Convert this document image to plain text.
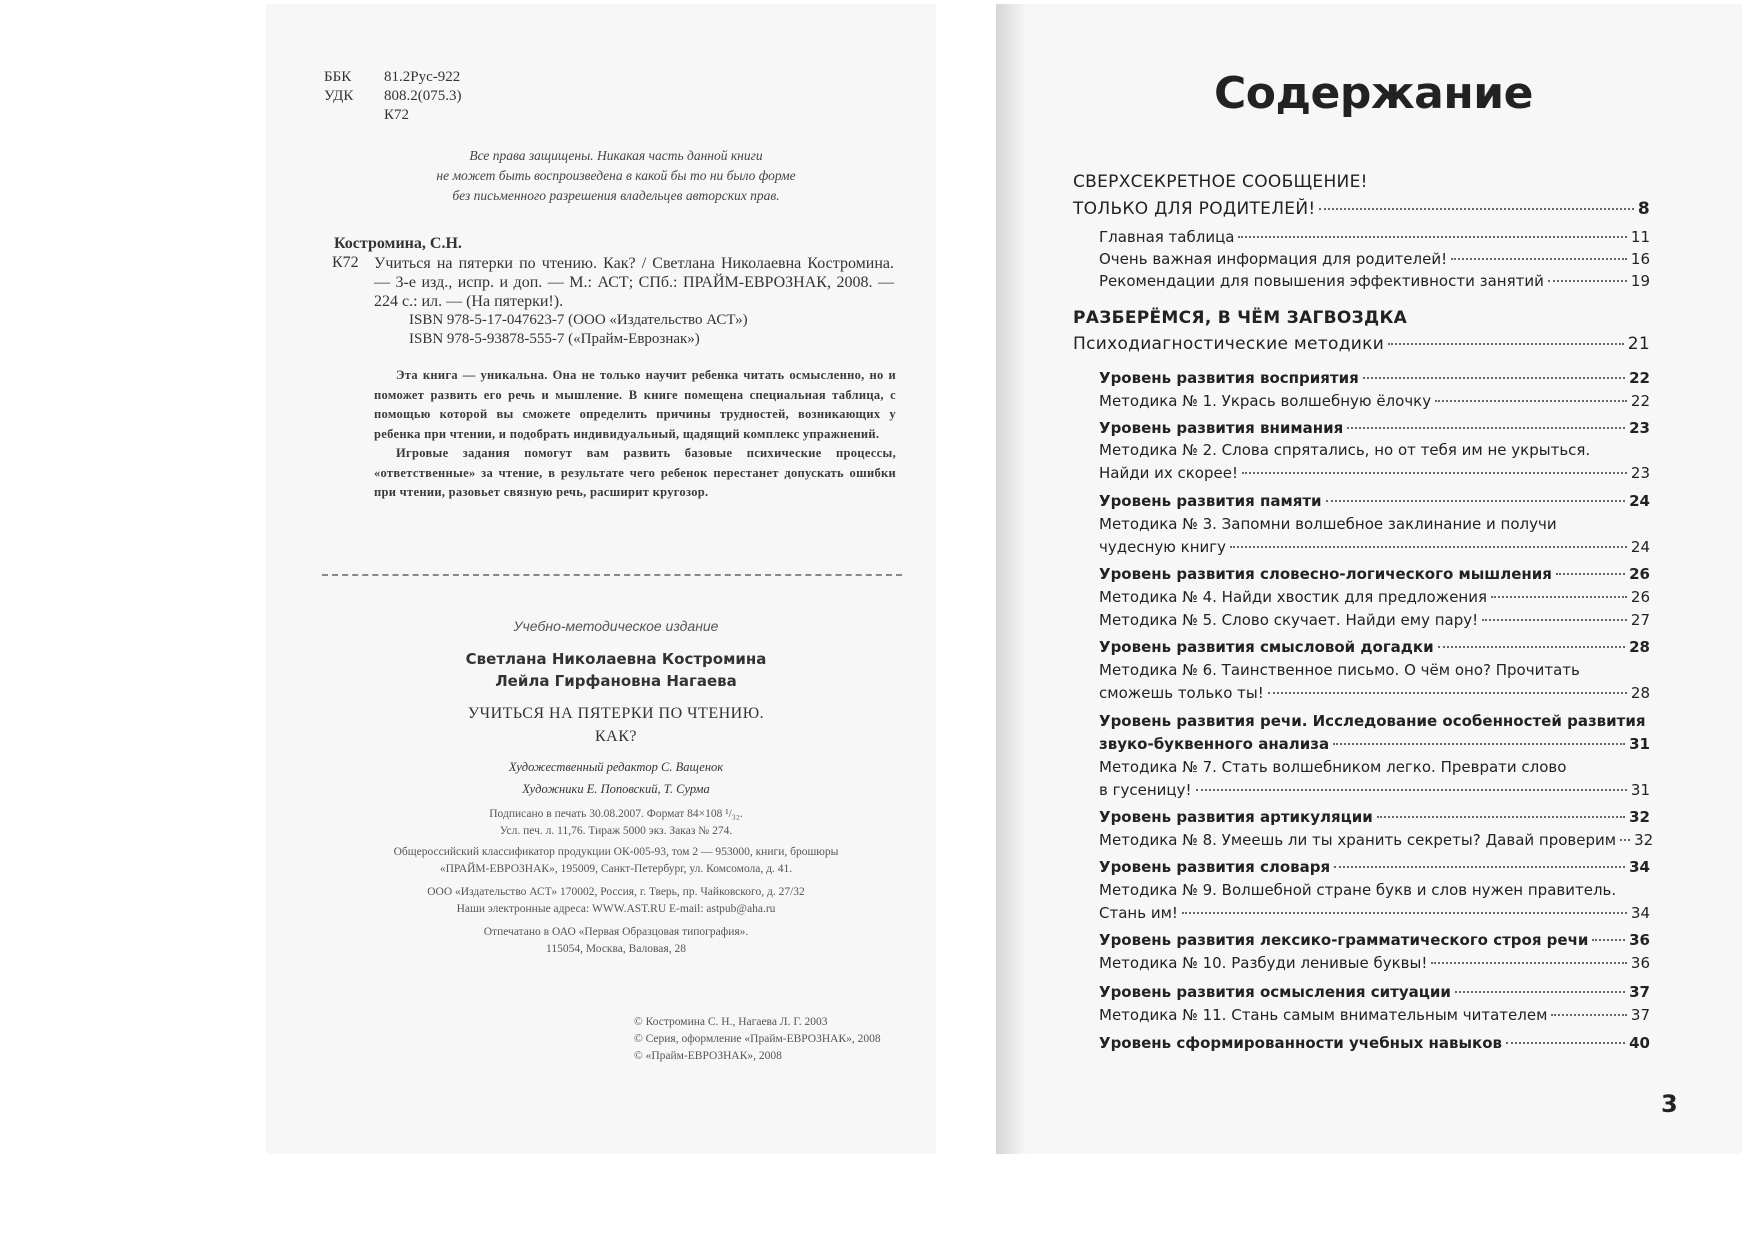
ББК	81.2Рус-922
УДК	808.2(075.3)
К72
Все права защищены. Никакая часть данной книги
не может быть воспроизведена в какой бы то ни было форме
без письменного разрешения владельцев авторских прав.
Костромина, С.Н.
К72 Учиться на пятерки по чтению. Как? / Светлана Николаевна Костромина. — 3-е изд., испр. и доп. — М.: АСТ; СПб.: ПРАЙМ-ЕВРОЗНАК, 2008. — 224 с.: ил. — (На пятерки!).
ISBN 978-5-17-047623-7 (ООО «Издательство АСТ»)
ISBN 978-5-93878-555-7 («Прайм-Еврознак»)

Эта книга — уникальна. Она не только научит ребенка читать осмысленно, но и поможет развить его речь и мышление. В книге помещена специальная таблица, с помощью которой вы сможете определить причины трудностей, возникающих у ребенка при чтении, и подобрать индивидуальный, щадящий комплекс упражнений.

Игровые задания помогут вам развить базовые психические процессы, «ответственные» за чтение, в результате чего ребенок перестанет допускать ошибки при чтении, разовьет связную речь, расширит кругозор.

Учебно-методическое издание
Светлана Николаевна Костромина
Лейла Гирфановна Нагаева
УЧИТЬСЯ НА ПЯТЕРКИ ПО ЧТЕНИЮ.
КАК?
Художественный редактор С. Ващенок
Художники Е. Поповский, Т. Сурма
Подписано в печать 30.08.2007. Формат 84×108 ¹/₃₂.
Усл. печ. л. 11,76. Тираж 5000 экз. Заказ № 274.
Общероссийский классификатор продукции ОК-005-93, том 2 — 953000, книги, брошюры
«ПРАЙМ-ЕВРОЗНАК», 195009, Санкт-Петербург, ул. Комсомола, д. 41.
ООО «Издательство АСТ» 170002, Россия, г. Тверь, пр. Чайковского, д. 27/32
Наши электронные адреса: WWW.AST.RU E-mail: astpub@aha.ru
Отпечатано в ОАО «Первая Образцовая типография».
115054, Москва, Валовая, 28
© Костромина С. Н., Нагаева Л. Г. 2003
© Серия, оформление «Прайм-ЕВРОЗНАК», 2008
© «Прайм-ЕВРОЗНАК», 2008
Содержание
СВЕРХСЕКРЕТНОЕ СООБЩЕНИЕ!
ТОЛЬКО ДЛЯ РОДИТЕЛЕЙ!	8
Главная таблица	11
Очень важная информация для родителей!	16
Рекомендации для повышения эффективности занятий	19
РАЗБЕРЁМСЯ, В ЧЁМ ЗАГВОЗДКА
Психодиагностические методики	21
Уровень развития восприятия	22
Методика № 1. Укрась волшебную ёлочку	22
Уровень развития внимания	23
Методика № 2. Слова спрятались, но от тебя им не укрыться.
Найди их скорее!	23
Уровень развития памяти	24
Методика № 3. Запомни волшебное заклинание и получи
чудесную книгу	24
Уровень развития словесно-логического мышления	26
Методика № 4. Найди хвостик для предложения	26
Методика № 5. Слово скучает. Найди ему пару!	27
Уровень развития смысловой догадки	28
Методика № 6. Таинственное письмо. О чём оно? Прочитать
сможешь только ты!	28
Уровень развития речи. Исследование особенностей развития
звуко-буквенного анализа	31
Методика № 7. Стать волшебником легко. Преврати слово
в гусеницу!	31
Уровень развития артикуляции	32
Методика № 8. Умеешь ли ты хранить секреты? Давай проверим 32
Уровень развития словаря	34
Методика № 9. Волшебной стране букв и слов нужен правитель.
Стань им!	34
Уровень развития лексико-грамматического строя речи	36
Методика № 10. Разбуди ленивые буквы!	36
Уровень развития осмысления ситуации	37
Методика № 11. Стань самым внимательным читателем	37
Уровень сформированности учебных навыков	40
3
